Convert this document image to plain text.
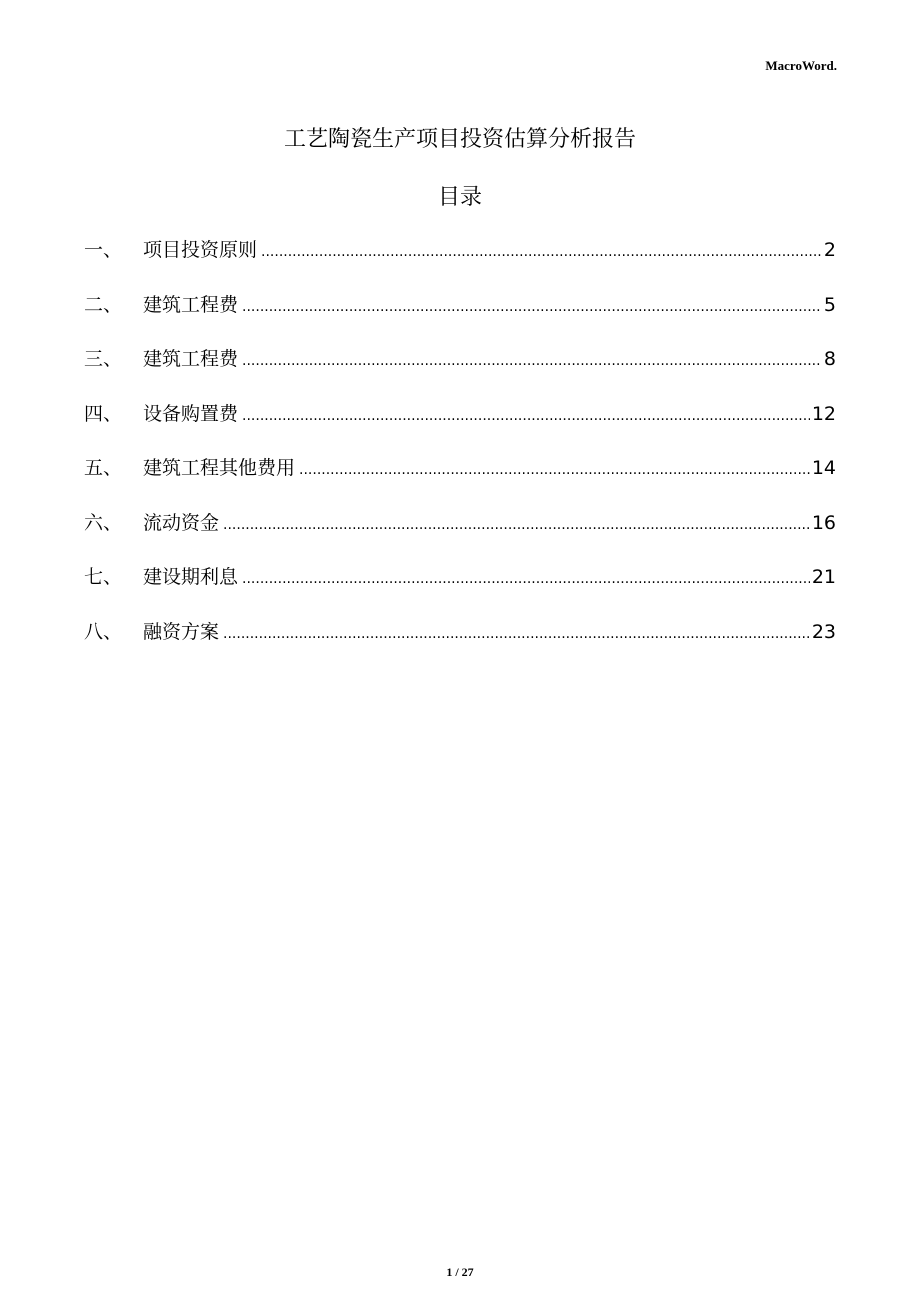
MacroWord.
工艺陶瓷生产项目投资估算分析报告
目录
一、	项目投资原则 .....	2
二、	建筑工程费 .....	5
三、	建筑工程费 .....	8
四、	设备购置费 .....	12
五、	建筑工程其他费用 .....	14
六、	流动资金 .....	16
七、	建设期利息 .....	21
八、	融资方案 .....	23
1 / 27
